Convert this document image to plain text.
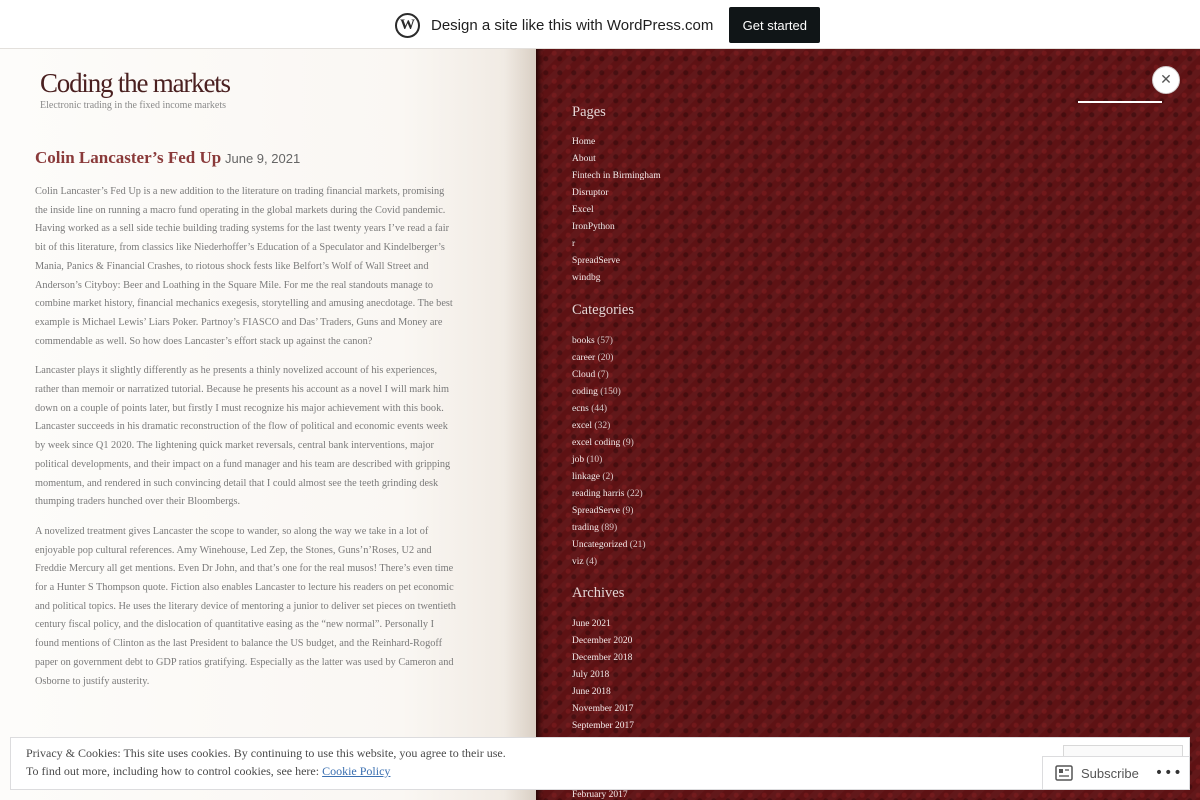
W	Design a site like this with WordPress.com	Get started
Coding the markets
Electronic trading in the fixed income markets
Colin Lancaster’s Fed Up June 9, 2021

Colin Lancaster’s Fed Up is a new addition to the literature on trading financial markets, promising the inside line on running a macro fund operating in the global markets during the Covid pandemic. Having worked as a sell side techie building trading systems for the last twenty years I’ve read a fair bit of this literature, from classics like Niederhoffer’s Education of a Speculator and Kindelberger’s Mania, Panics & Financial Crashes, to riotous shock fests like Belfort’s Wolf of Wall Street and Anderson’s Cityboy: Beer and Loathing in the Square Mile. For me the real standouts manage to combine market history, financial mechanics exegesis, storytelling and amusing anecdotage. The best example is Michael Lewis’ Liars Poker. Partnoy’s FIASCO and Das’ Traders, Guns and Money are commendable as well. So how does Lancaster’s effort stack up against the canon?

Lancaster plays it slightly differently as he presents a thinly novelized account of his experiences, rather than memoir or narratized tutorial. Because he presents his account as a novel I will mark him down on a couple of points later, but firstly I must recognize his major achievement with this book. Lancaster succeeds in his dramatic reconstruction of the flow of political and economic events week by week since Q1 2020. The lightening quick market reversals, central bank interventions, major political developments, and their impact on a fund manager and his team are described with gripping momentum, and rendered in such convincing detail that I could almost see the teeth grinding desk thumping traders hunched over their Bloombergs.

A novelized treatment gives Lancaster the scope to wander, so along the way we take in a lot of enjoyable pop cultural references. Amy Winehouse, Led Zep, the Stones, Guns’n’Roses, U2 and Freddie Mercury all get mentions. Even Dr John, and that’s one for the real musos! There’s even time for a Hunter S Thompson quote. Fiction also enables Lancaster to lecture his readers on pet economic and political topics. He uses the literary device of mentoring a junior to deliver set pieces on twentieth century fiscal policy, and the dislocation of quantitative easing as the “new normal”. Personally I found mentions of Clinton as the last President to balance the US budget, and the Reinhard-Rogoff paper on government debt to GDP ratios gratifying. Especially as the latter was used by Cameron and Osborne to justify austerity.

✕
Pages
Home
About
Fintech in Birmingham
Disruptor
Excel
IronPython
r
SpreadServe
windbg
Categories
books (57)
career (20)
Cloud (7)
coding (150)
ecns (44)
excel (32)
excel coding (9)
job (10)
linkage (2)
reading harris (22)
SpreadServe (9)
trading (89)
Uncategorized (21)
viz (4)
Archives
June 2021
December 2020
December 2018
July 2018
June 2018
November 2017
September 2017
February 2017
Privacy & Cookies: This site uses cookies. By continuing to use this website, you agree to their use.
To find out more, including how to control cookies, see here: Cookie Policy	Subscribe •••
